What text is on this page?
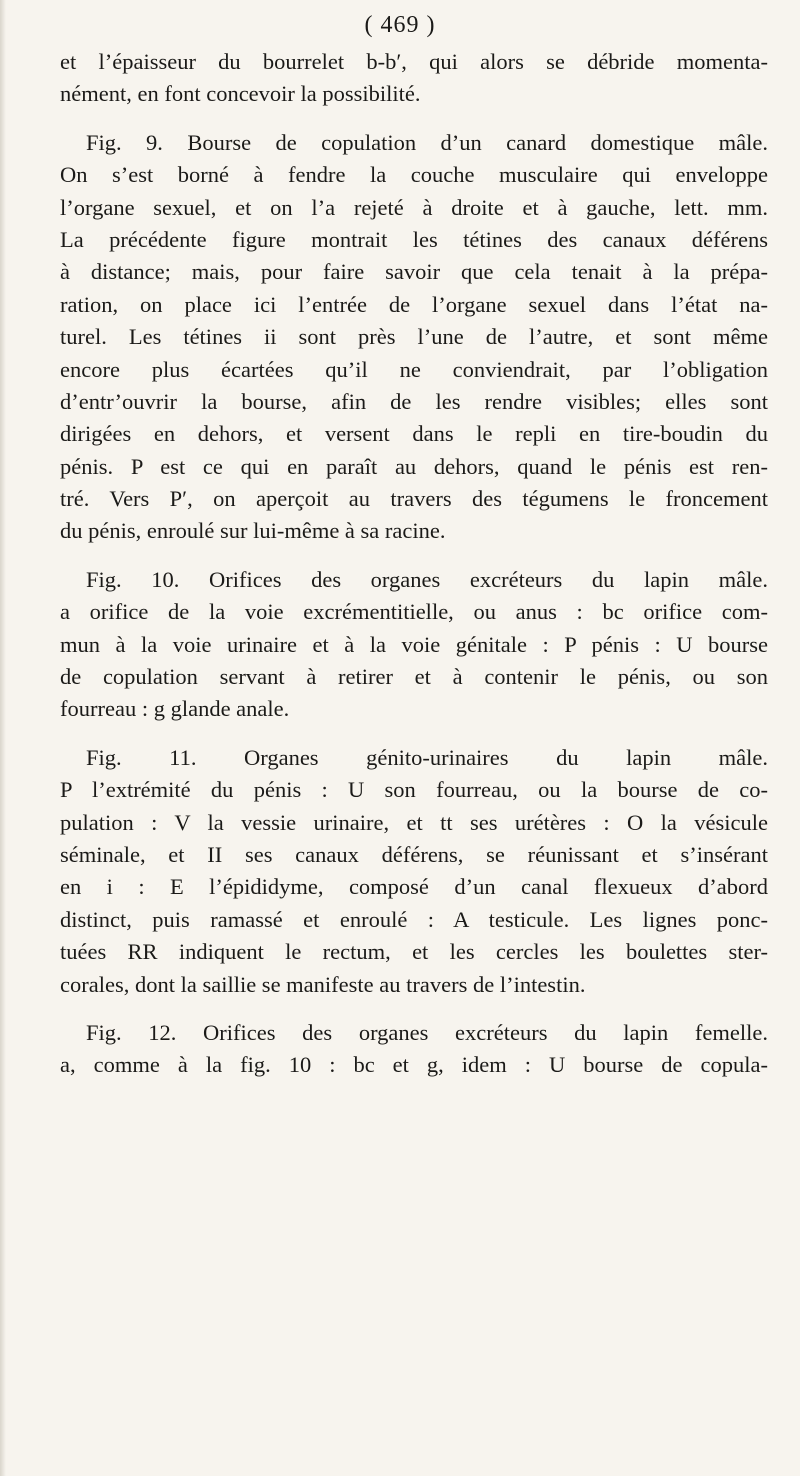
( 469 )
et l’épaisseur du bourrelet b-b′, qui alors se débride momenta-
nément, en font concevoir la possibilité.
Fig. 9. Bourse de copulation d’un canard domestique mâle.
On s’est borné à fendre la couche musculaire qui enveloppe
l’organe sexuel, et on l’a rejeté à droite et à gauche, lett. mm.
La précédente figure montrait les tétines des canaux déférens
à distance; mais, pour faire savoir que cela tenait à la prépa-
ration, on place ici l’entrée de l’organe sexuel dans l’état na-
turel. Les tétines ii sont près l’une de l’autre, et sont même
encore plus écartées qu’il ne conviendrait, par l’obligation
d’entr’ouvrir la bourse, afin de les rendre visibles; elles sont
dirigées en dehors, et versent dans le repli en tire-boudin du
pénis. P est ce qui en paraît au dehors, quand le pénis est ren-
tré. Vers P′, on aperçoit au travers des tégumens le froncement
du pénis, enroulé sur lui-même à sa racine.
Fig. 10. Orifices des organes excréteurs du lapin mâle.
a orifice de la voie excrémentitielle, ou anus : bc orifice com-
mun à la voie urinaire et à la voie génitale : P pénis : U bourse
de copulation servant à retirer et à contenir le pénis, ou son
fourreau : g glande anale.
Fig. 11. Organes génito-urinaires du lapin mâle.
P l’extrémité du pénis : U son fourreau, ou la bourse de co-
pulation : V la vessie urinaire, et tt ses urétères : O la vésicule
séminale, et II ses canaux déférens, se réunissant et s’insérant
en i : E l’épididyme, composé d’un canal flexueux d’abord
distinct, puis ramassé et enroulé : A testicule. Les lignes ponc-
tuées RR indiquent le rectum, et les cercles les boulettes ster-
corales, dont la saillie se manifeste au travers de l’intestin.
Fig. 12. Orifices des organes excréteurs du lapin femelle.
a, comme à la fig. 10 : bc et g, idem : U bourse de copula-
